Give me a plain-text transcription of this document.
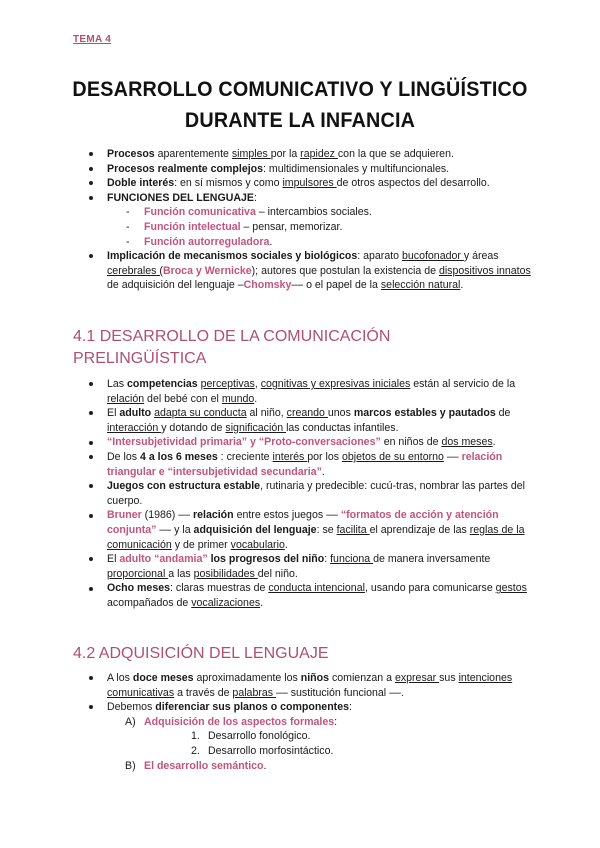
TEMA 4
DESARROLLO COMUNICATIVO Y LINGÜÍSTICO
DURANTE LA INFANCIA
Procesos aparentemente simples por la rapidez con la que se adquieren.
Procesos realmente complejos: multidimensionales y multifuncionales.
Doble interés: en sí mismos y como impulsores de otros aspectos del desarrollo.
FUNCIONES DEL LENGUAJE:
- Función comunicativa – intercambios sociales.
- Función intelectual – pensar, memorizar.
- Función autorreguladora.
Implicación de mecanismos sociales y biológicos: aparato bucofonador y áreas cerebrales (Broca y Wernicke); autores que postulan la existencia de dispositivos innatos de adquisición del lenguaje –Chomsky–– o el papel de la selección natural.
4.1 DESARROLLO DE LA COMUNICACIÓN
PRELINGÜÍSTICA
Las competencias perceptivas, cognitivas y expresivas iniciales están al servicio de la relación del bebé con el mundo.
El adulto adapta su conducta al niño, creando unos marcos estables y pautados de interacción y dotando de significación las conductas infantiles.
“Intersubjetividad primaria” y “Proto-conversaciones” en niños de dos meses.
De los 4 a los 6 meses : creciente interés por los objetos de su entorno –– relación triangular e “intersubjetividad secundaria”.
Juegos con estructura estable, rutinaria y predecible: cucú-tras, nombrar las partes del cuerpo.
Bruner (1986) –– relación entre estos juegos –– “formatos de acción y atención conjunta” –– y la adquisición del lenguaje: se facilita el aprendizaje de las reglas de la comunicación y de primer vocabulario.
El adulto “andamia” los progresos del niño: funciona de manera inversamente proporcional a las posibilidades del niño.
Ocho meses: claras muestras de conducta intencional, usando para comunicarse gestos acompañados de vocalizaciones.
4.2 ADQUISICIÓN DEL LENGUAJE
A los doce meses aproximadamente los niños comienzan a expresar sus intenciones comunicativas a través de palabras –– sustitución funcional ––.
Debemos diferenciar sus planos o componentes:
A) Adquisición de los aspectos formales:
1. Desarrollo fonológico.
2. Desarrollo morfosintáctico.
B) El desarrollo semántico.
